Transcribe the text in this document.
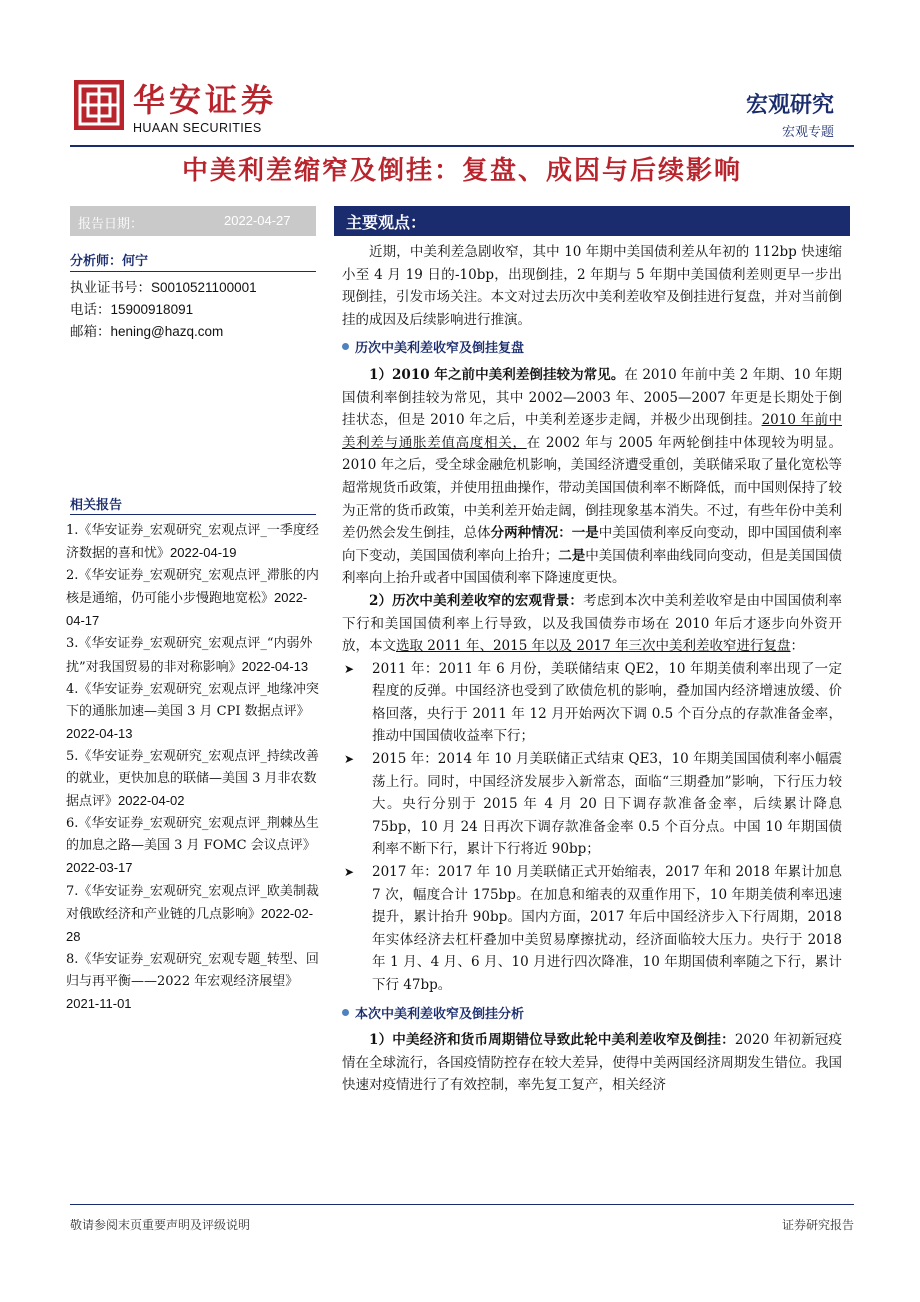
华安证券
HUAAN SECURITIES
宏观研究
宏观专题
中美利差缩窄及倒挂：复盘、成因与后续影响
报告日期：	2022-04-27
分析师：何宁
执业证书号：S0010521100001
电话：15900918091
邮箱：hening@hazq.com
相关报告

1.《华安证券_宏观研究_宏观点评_一季度经济数据的喜和忧》2022-04-19

2.《华安证券_宏观研究_宏观点评_滞胀的内核是通缩，仍可能小步慢跑地宽松》2022-04-17

3.《华安证券_宏观研究_宏观点评_“内弱外扰”对我国贸易的非对称影响》2022-04-13

4.《华安证券_宏观研究_宏观点评_地缘冲突下的通胀加速—美国 3 月 CPI 数据点评》2022-04-13

5.《华安证券_宏观研究_宏观点评_持续改善的就业，更快加息的联储—美国 3 月非农数据点评》2022-04-02

6.《华安证券_宏观研究_宏观点评_荆棘丛生的加息之路—美国 3 月 FOMC 会议点评》2022-03-17

7.《华安证券_宏观研究_宏观点评_欧美制裁对俄欧经济和产业链的几点影响》2022-02-28

8.《华安证券_宏观研究_宏观专题_转型、回归与再平衡——2022 年宏观经济展望》2021-11-01

主要观点：

近期，中美利差急剧收窄，其中 10 年期中美国债利差从年初的 112bp 快速缩小至 4 月 19 日的-10bp，出现倒挂，2 年期与 5 年期中美国债利差则更早一步出现倒挂，引发市场关注。本文对过去历次中美利差收窄及倒挂进行复盘，并对当前倒挂的成因及后续影响进行推演。

历次中美利差收窄及倒挂复盘

1）2010 年之前中美利差倒挂较为常见。在 2010 年前中美 2 年期、10 年期国债利率倒挂较为常见，其中 2002—2003 年、2005—2007 年更是长期处于倒挂状态，但是 2010 年之后，中美利差逐步走阔，并极少出现倒挂。2010 年前中美利差与通胀差值高度相关，在 2002 年与 2005 年两轮倒挂中体现较为明显。2010 年之后，受全球金融危机影响，美国经济遭受重创，美联储采取了量化宽松等超常规货币政策，并使用扭曲操作，带动美国国债利率不断降低，而中国则保持了较为正常的货币政策，中美利差开始走阔，倒挂现象基本消失。不过，有些年份中美利差仍然会发生倒挂，总体分两种情况：一是中美国债利率反向变动，即中国国债利率向下变动，美国国债利率向上抬升；二是中美国债利率曲线同向变动，但是美国国债利率向上抬升或者中国国债利率下降速度更快。

2）历次中美利差收窄的宏观背景：考虑到本次中美利差收窄是由中国国债利率下行和美国国债利率上行导致，以及我国债券市场在 2010 年后才逐步向外资开放，本文选取 2011 年、2015 年以及 2017 年三次中美利差收窄进行复盘：

➤ 2011 年：2011 年 6 月份，美联储结束 QE2，10 年期美债利率出现了一定程度的反弹。中国经济也受到了欧债危机的影响，叠加国内经济增速放缓、价格回落，央行于 2011 年 12 月开始两次下调 0.5 个百分点的存款准备金率，推动中国国债收益率下行；

➤ 2015 年：2014 年 10 月美联储正式结束 QE3，10 年期美国国债利率小幅震荡上行。同时，中国经济发展步入新常态，面临“三期叠加”影响，下行压力较大。央行分别于 2015 年 4 月 20 日下调存款准备金率，后续累计降息 75bp，10 月 24 日再次下调存款准备金率 0.5 个百分点。中国 10 年期国债利率不断下行，累计下行将近 90bp；

➤ 2017 年：2017 年 10 月美联储正式开始缩表，2017 年和 2018 年累计加息 7 次，幅度合计 175bp。在加息和缩表的双重作用下，10 年期美债利率迅速提升，累计抬升 90bp。国内方面，2017 年后中国经济步入下行周期，2018 年实体经济去杠杆叠加中美贸易摩擦扰动，经济面临较大压力。央行于 2018 年 1 月、4 月、6 月、10 月进行四次降准，10 年期国债利率随之下行，累计下行 47bp。

本次中美利差收窄及倒挂分析

1）中美经济和货币周期错位导致此轮中美利差收窄及倒挂：2020 年初新冠疫情在全球流行，各国疫情防控存在较大差异，使得中美两国经济周期发生错位。我国快速对疫情进行了有效控制，率先复工复产，相关经济

敬请参阅末页重要声明及评级说明	证券研究报告
